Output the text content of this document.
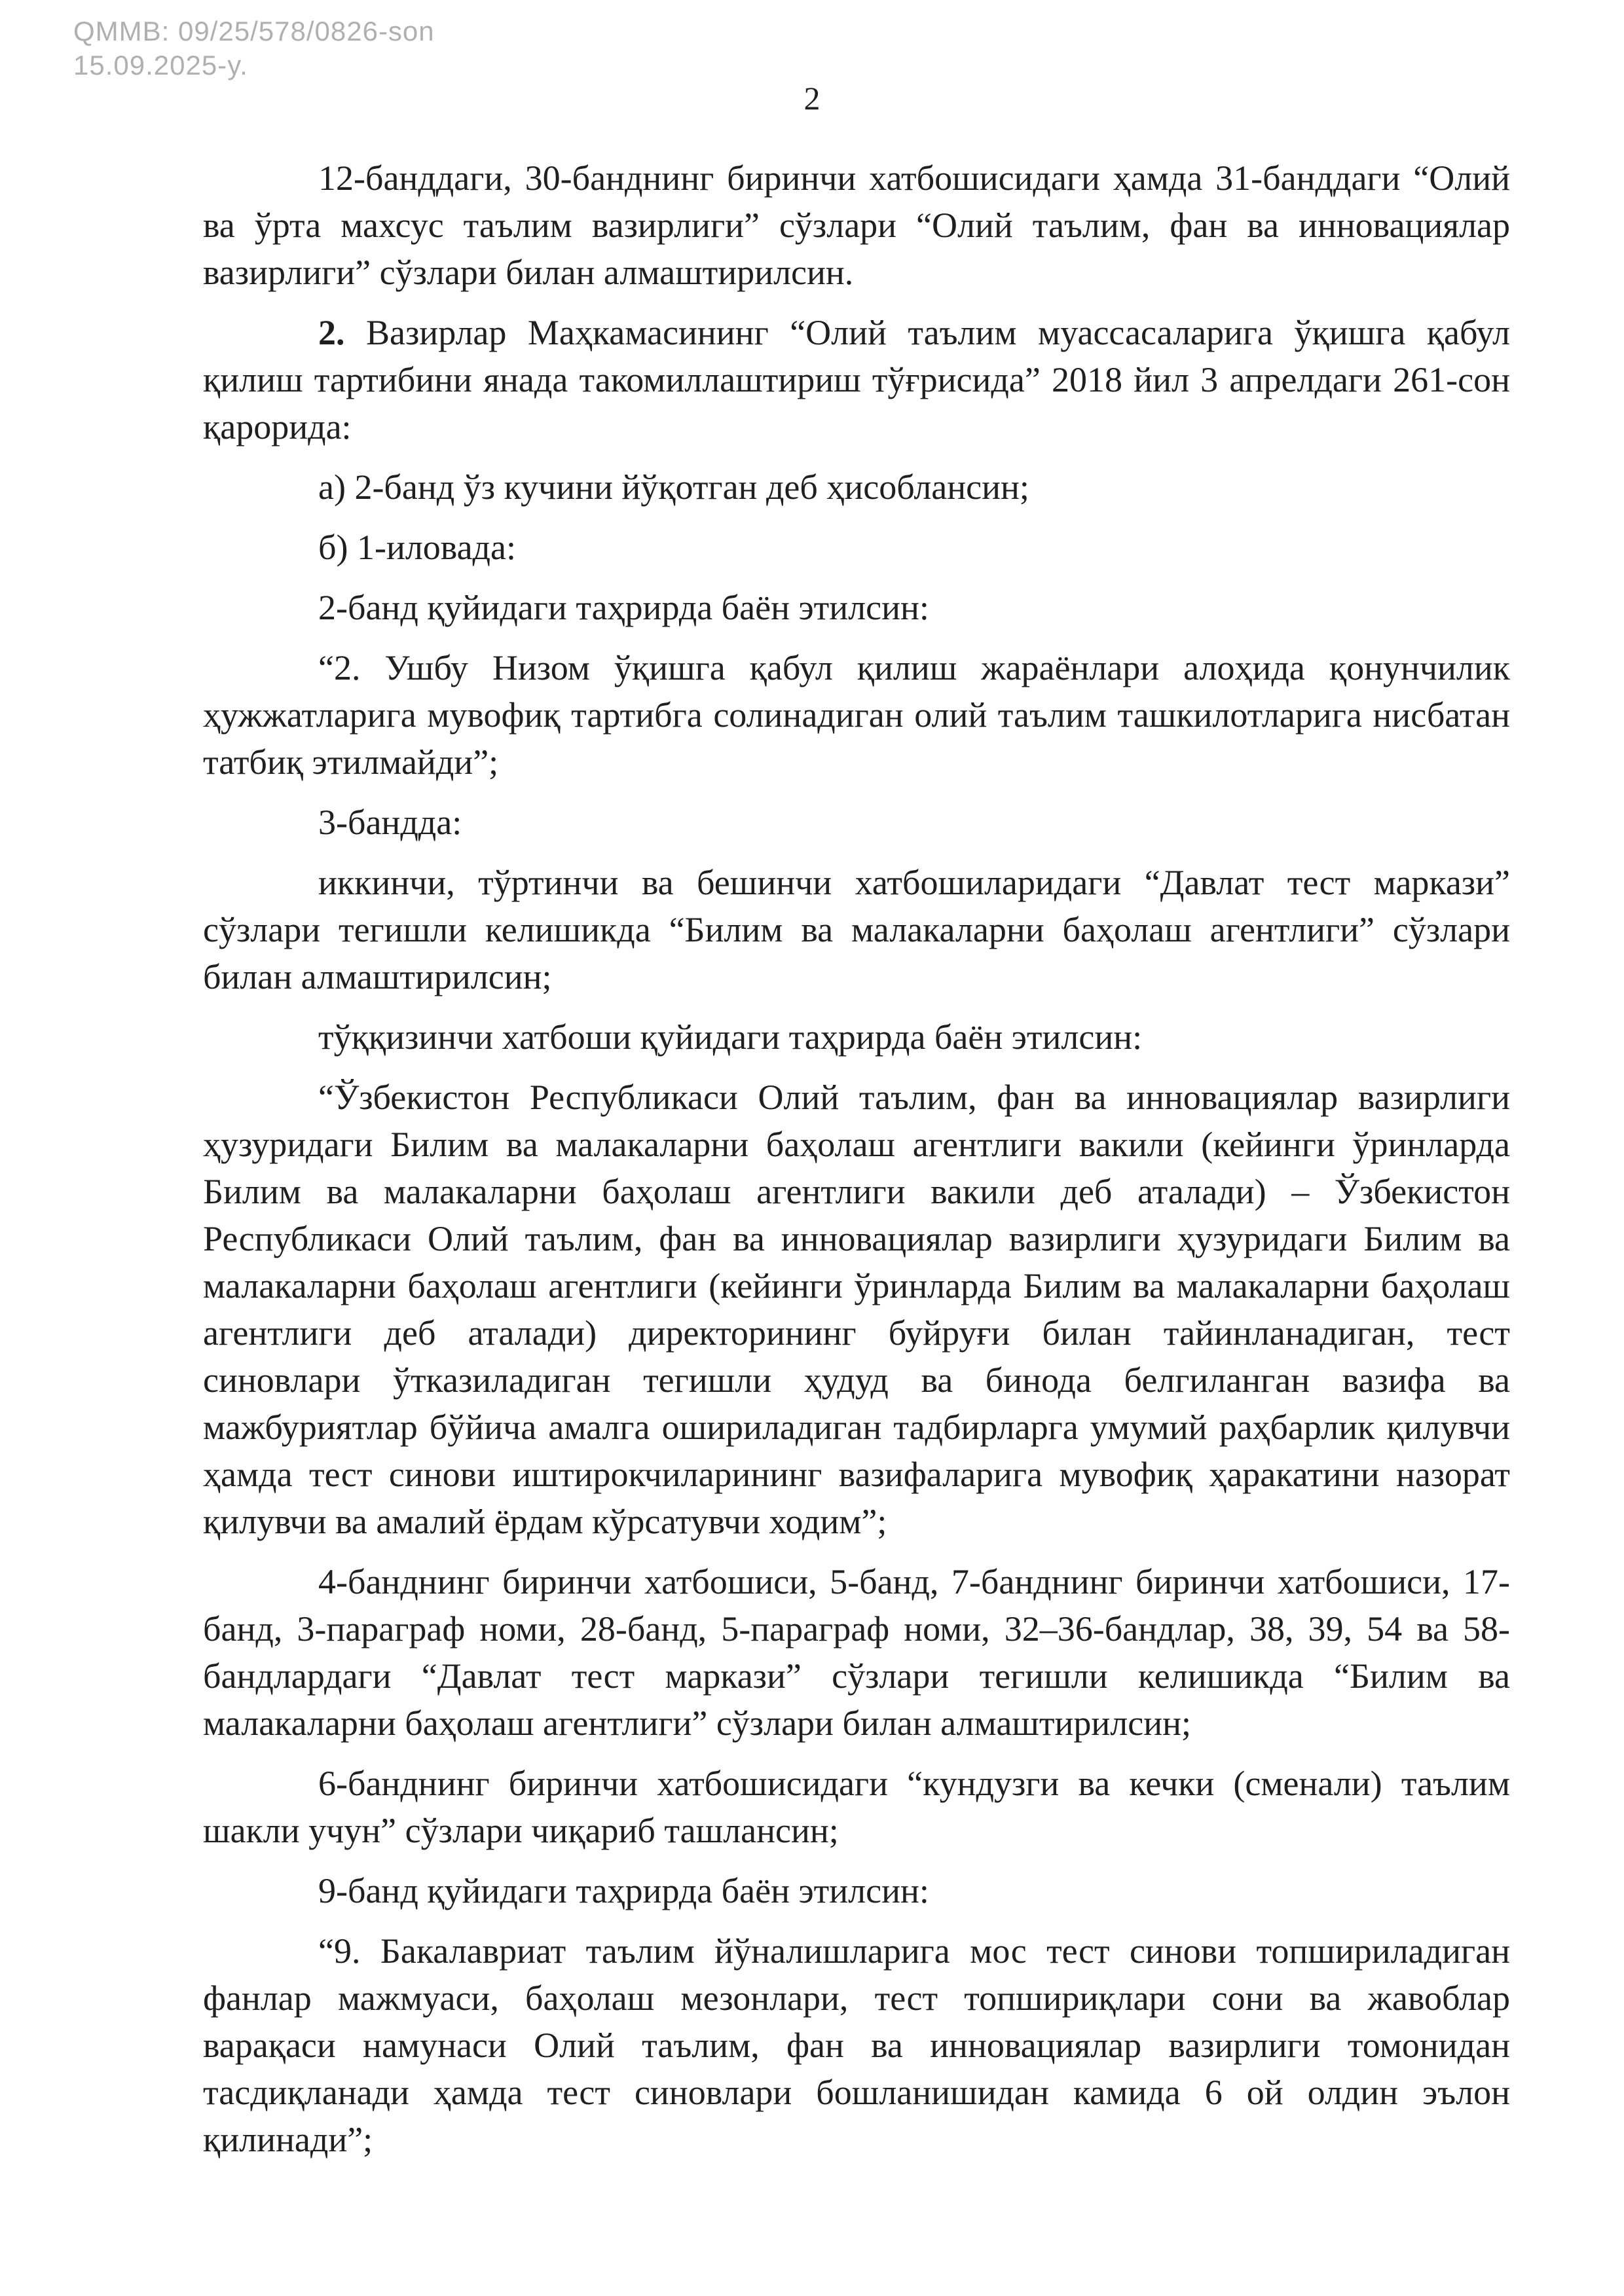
QMMB: 09/25/578/0826-son
15.09.2025-y.
2

12-банддаги, 30-банднинг биринчи хатбошисидаги ҳамда 31-банддаги “Олий ва ўрта махсус таълим вазирлиги” сўзлари “Олий таълим, фан ва инновациялар вазирлиги” сўзлари билан алмаштирилсин.

2. Вазирлар Маҳкамасининг “Олий таълим муассасаларига ўқишга қабул қилиш тартибини янада такомиллаштириш тўғрисида” 2018 йил 3 апрелдаги 261-сон қарорида:

а) 2-банд ўз кучини йўқотган деб ҳисоблансин;

б) 1-иловада:

2-банд қуйидаги таҳрирда баён этилсин:

“2. Ушбу Низом ўқишга қабул қилиш жараёнлари алоҳида қонунчилик ҳужжатларига мувофиқ тартибга солинадиган олий таълим ташкилотларига нисбатан татбиқ этилмайди”;

3-бандда:

иккинчи, тўртинчи ва бешинчи хатбошиларидаги “Давлат тест маркази” сўзлари тегишли келишикда “Билим ва малакаларни баҳолаш агентлиги” сўзлари билан алмаштирилсин;

тўққизинчи хатбоши қуйидаги таҳрирда баён этилсин:

“Ўзбекистон Республикаси Олий таълим, фан ва инновациялар вазирлиги ҳузуридаги Билим ва малакаларни баҳолаш агентлиги вакили (кейинги ўринларда Билим ва малакаларни баҳолаш агентлиги вакили деб аталади) – Ўзбекистон Республикаси Олий таълим, фан ва инновациялар вазирлиги ҳузуридаги Билим ва малакаларни баҳолаш агентлиги (кейинги ўринларда Билим ва малакаларни баҳолаш агентлиги деб аталади) директорининг буйруғи билан тайинланадиган, тест синовлари ўтказиладиган тегишли ҳудуд ва бинода белгиланган вазифа ва мажбуриятлар бўйича амалга ошириладиган тадбирларга умумий раҳбарлик қилувчи ҳамда тест синови иштирокчиларининг вазифаларига мувофиқ ҳаракатини назорат қилувчи ва амалий ёрдам кўрсатувчи ходим”;

4-банднинг биринчи хатбошиси, 5-банд, 7-банднинг биринчи хатбошиси, 17-банд, 3-параграф номи, 28-банд, 5-параграф номи, 32–36-бандлар, 38, 39, 54 ва 58-бандлардаги “Давлат тест маркази” сўзлари тегишли келишикда “Билим ва малакаларни баҳолаш агентлиги” сўзлари билан алмаштирилсин;

6-банднинг биринчи хатбошисидаги “кундузги ва кечки (сменали) таълим шакли учун” сўзлари чиқариб ташлансин;

9-банд қуйидаги таҳрирда баён этилсин:

“9. Бакалавриат таълим йўналишларига мос тест синови топшириладиган фанлар мажмуаси, баҳолаш мезонлари, тест топшириқлари сони ва жавоблар варақаси намунаси Олий таълим, фан ва инновациялар вазирлиги томонидан тасдиқланади ҳамда тест синовлари бошланишидан камида 6 ой олдин эълон қилинади”;
